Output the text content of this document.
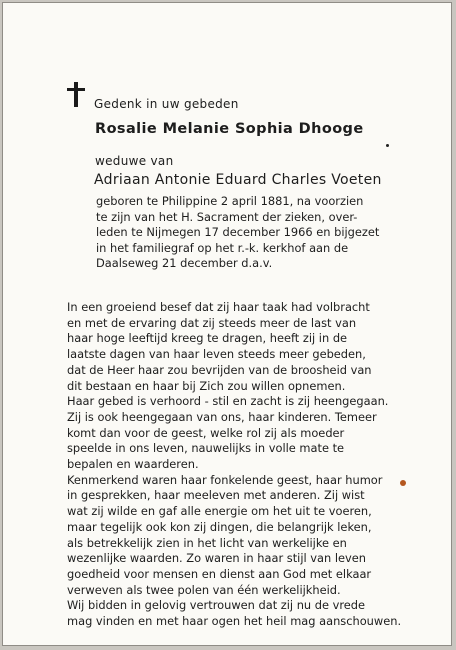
Gedenk in uw gebeden
Rosalie Melanie Sophia Dhooge
weduwe van
Adriaan Antonie Eduard Charles Voeten
geboren te Philippine 2 april 1881, na voorzien
te zijn van het H. Sacrament der zieken, over-
leden te Nijmegen 17 december 1966 en bijgezet
in het familiegraf op het r.-k. kerkhof aan de
Daalseweg 21 december d.a.v.
In een groeiend besef dat zij haar taak had volbracht
en met de ervaring dat zij steeds meer de last van
haar hoge leeftijd kreeg te dragen, heeft zij in de
laatste dagen van haar leven steeds meer gebeden,
dat de Heer haar zou bevrijden van de broosheid van
dit bestaan en haar bij Zich zou willen opnemen.
Haar gebed is verhoord - stil en zacht is zij heengegaan.
Zij is ook heengegaan van ons, haar kinderen. Temeer
komt dan voor de geest, welke rol zij als moeder
speelde in ons leven, nauwelijks in volle mate te
bepalen en waarderen.
Kenmerkend waren haar fonkelende geest, haar humor
in gesprekken, haar meeleven met anderen. Zij wist
wat zij wilde en gaf alle energie om het uit te voeren,
maar tegelijk ook kon zij dingen, die belangrijk leken,
als betrekkelijk zien in het licht van werkelijke en
wezenlijke waarden. Zo waren in haar stijl van leven
goedheid voor mensen en dienst aan God met elkaar
verweven als twee polen van één werkelijkheid.
Wij bidden in gelovig vertrouwen dat zij nu de vrede
mag vinden en met haar ogen het heil mag aanschouwen.
